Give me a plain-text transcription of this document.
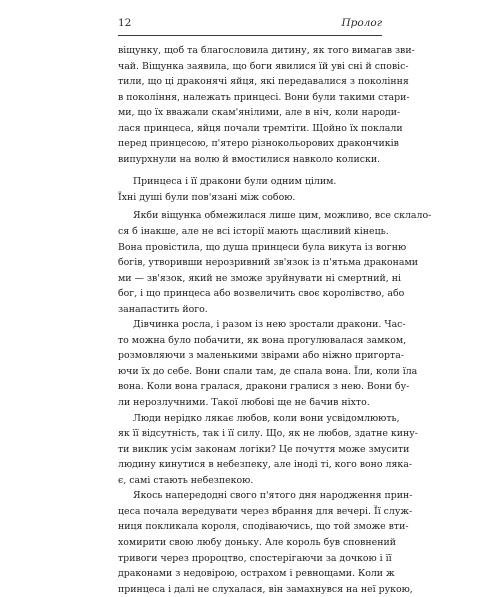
12	Пролог
віщунку, щоб та благословила дитину, як того вимагав зви-
чай. Віщунка заявила, що боги явилися їй уві сні й сповіс-
тили, що ці драконячі яйця, які передавалися з покоління
в покоління, належать принцесі. Вони були такими стари-
ми, що їх вважали скам'янілими, але в ніч, коли народи-
лася принцеса, яйця почали тремтіти. Щойно їх поклали
перед принцесою, п'ятеро різнокольорових дракончиків
випурхнули на волю й вмостилися навколо колиски.
Принцеса і її дракони були одним цілим.
Їхні душі були пов'язані між собою.
Якби віщунка обмежилася лише цим, можливо, все склало-
ся б інакше, але не всі історії мають щасливий кінець.
Вона провістила, що душа принцеси була викута із вогню
богів, утворивши нерозривний зв'язок із п'ятьма драконами
ми — зв'язок, який не зможе зруйнувати ні смертний, ні
бог, і що принцеса або возвеличить своє королівство, або
занапастить його.
Дівчинка росла, і разом із нею зростали дракони. Час-
то можна було побачити, як вона прогулювалася замком,
розмовляючи з маленькими звірами або ніжно пригорта-
ючи їх до себе. Вони спали там, де спала вона. Їли, коли їла
вона. Коли вона гралася, дракони гралися з нею. Вони бу-
ли нерозлучними. Такої любові ще не бачив ніхто.
Люди нерідко лякає любов, коли вони усвідомлюють,
як її відсутність, так і її силу. Що, як не любов, здатне кину-
ти виклик усім законам логіки? Це почуття може змусити
людину кинутися в небезпеку, але іноді ті, кого воно ляка-
є, самі стають небезпекою.
Якось напередодні свого п'ятого дня народження прин-
цеса почала вередувати через вбрання для вечері. Її служ-
ниця покликала короля, сподіваючись, що той зможе вти-
хомирити свою любу доньку. Але король був сповнений
тривоги через пророцтво, спостерігаючи за дочкою і її
драконами з недовірою, острахом і ревнощами. Коли ж
принцеса і далі не слухалася, він замахнувся на неї рукою,
